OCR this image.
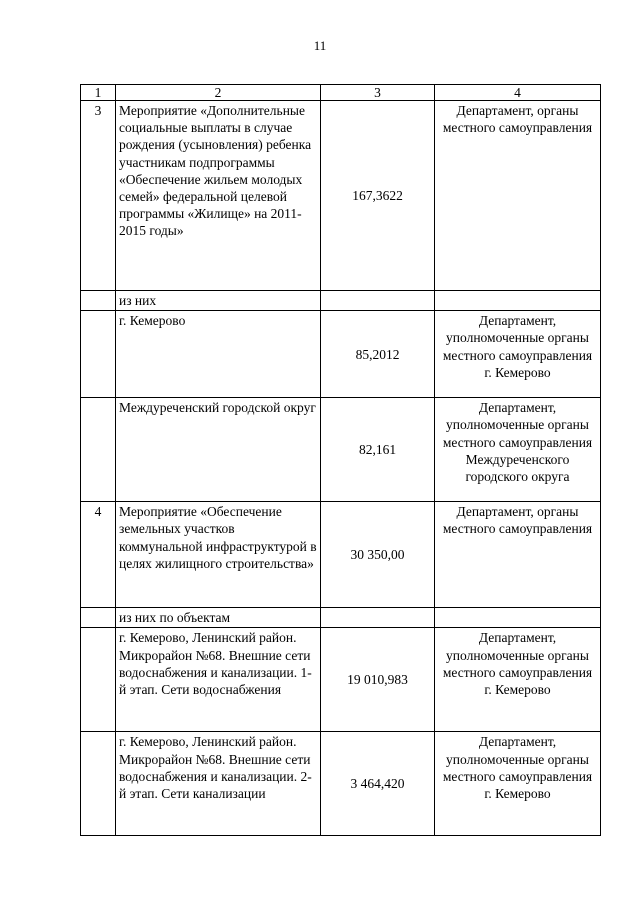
11
1	2	3	4
3	Мероприятие «Дополнительные социальные выплаты в случае рождения (усыновления) ребенка участникам подпрограммы «Обеспечение жильем молодых семей» федеральной целевой программы «Жилище» на 2011- 2015 годы»	167,3622	Департамент, органы местного самоуправления
	из них		
	г. Кемерово	85,2012	Департамент, уполномоченные органы местного самоуправления г. Кемерово
	Междуреченский городской округ	82,161	Департамент, уполномоченные органы местного самоуправления Междуреченского городского округа
4	Мероприятие «Обеспечение земельных участков коммунальной инфраструктурой в целях жилищного строительства»	30 350,00	Департамент, органы местного самоуправления
	из них по объектам		
	г. Кемерово, Ленинский район. Микрорайон №68. Внешние сети водоснабжения и канализации. 1-й этап. Сети водоснабжения	19 010,983	Департамент, уполномоченные органы местного самоуправления г. Кемерово
	г. Кемерово, Ленинский район. Микрорайон №68. Внешние сети водоснабжения и канализации. 2-й этап. Сети канализации	3 464,420	Департамент, уполномоченные органы местного самоуправления г. Кемерово
